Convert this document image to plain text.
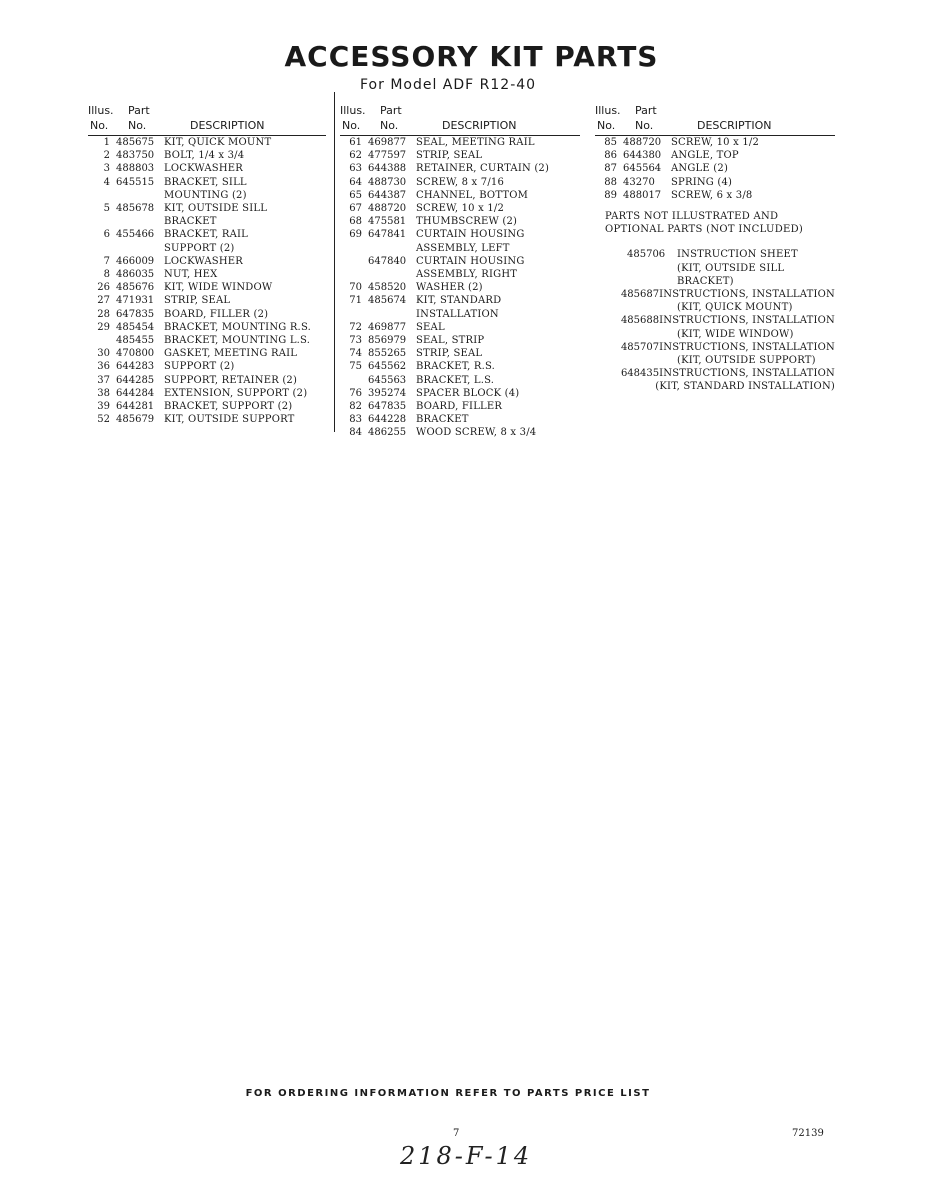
ACCESSORY KIT PARTS
For Model ADF R12-40
Illus. Part
No. No.	DESCRIPTION
1 485675 KIT, QUICK MOUNT
2 483750 BOLT, 1/4 x 3/4
3 488803 LOCKWASHER
4 645515 BRACKET, SILL
MOUNTING (2)
5 485678 KIT, OUTSIDE SILL
BRACKET
6 455466 BRACKET, RAIL
SUPPORT (2)
7 466009 LOCKWASHER
8 486035 NUT, HEX
26 485676 KIT, WIDE WINDOW
27 471931 STRIP, SEAL
28 647835 BOARD, FILLER (2)
29 485454 BRACKET, MOUNTING R.S.
485455 BRACKET, MOUNTING L.S.
30 470800 GASKET, MEETING RAIL
36 644283 SUPPORT (2)
37 644285 SUPPORT, RETAINER (2)
38 644284 EXTENSION, SUPPORT (2)
39 644281 BRACKET, SUPPORT (2)
52 485679 KIT, OUTSIDE SUPPORT
Illus. Part
No. No.	DESCRIPTION
61 469877 SEAL, MEETING RAIL
62 477597 STRIP, SEAL
63 644388 RETAINER, CURTAIN (2)
64 488730 SCREW, 8 x 7/16
65 644387 CHANNEL, BOTTOM
67 488720 SCREW, 10 x 1/2
68 475581 THUMBSCREW (2)
69 647841 CURTAIN HOUSING
ASSEMBLY, LEFT
647840 CURTAIN HOUSING
ASSEMBLY, RIGHT
70 458520 WASHER (2)
71 485674 KIT, STANDARD
INSTALLATION
72 469877 SEAL
73 856979 SEAL, STRIP
74 855265 STRIP, SEAL
75 645562 BRACKET, R.S.
645563 BRACKET, L.S.
76 395274 SPACER BLOCK (4)
82 647835 BOARD, FILLER
83 644228 BRACKET
84 486255 WOOD SCREW, 8 x 3/4
Illus. Part
No. No.	DESCRIPTION
85 488720 SCREW, 10 x 1/2
86 644380 ANGLE, TOP
87 645564 ANGLE (2)
88 43270	SPRING (4)
89 488017 SCREW, 6 x 3/8
PARTS NOT ILLUSTRATED AND
OPTIONAL PARTS (NOT INCLUDED)
485706	INSTRUCTION SHEET
(KIT, OUTSIDE SILL
BRACKET)
485687 INSTRUCTIONS, INSTALLATION
(KIT, QUICK MOUNT)
485688 INSTRUCTIONS, INSTALLATION
(KIT, WIDE WINDOW)
485707 INSTRUCTIONS, INSTALLATION
(KIT, OUTSIDE SUPPORT)
648435 INSTRUCTIONS, INSTALLATION
(KIT, STANDARD INSTALLATION)
FOR ORDERING INFORMATION REFER TO PARTS PRICE LIST
7	72139
218-F-14
